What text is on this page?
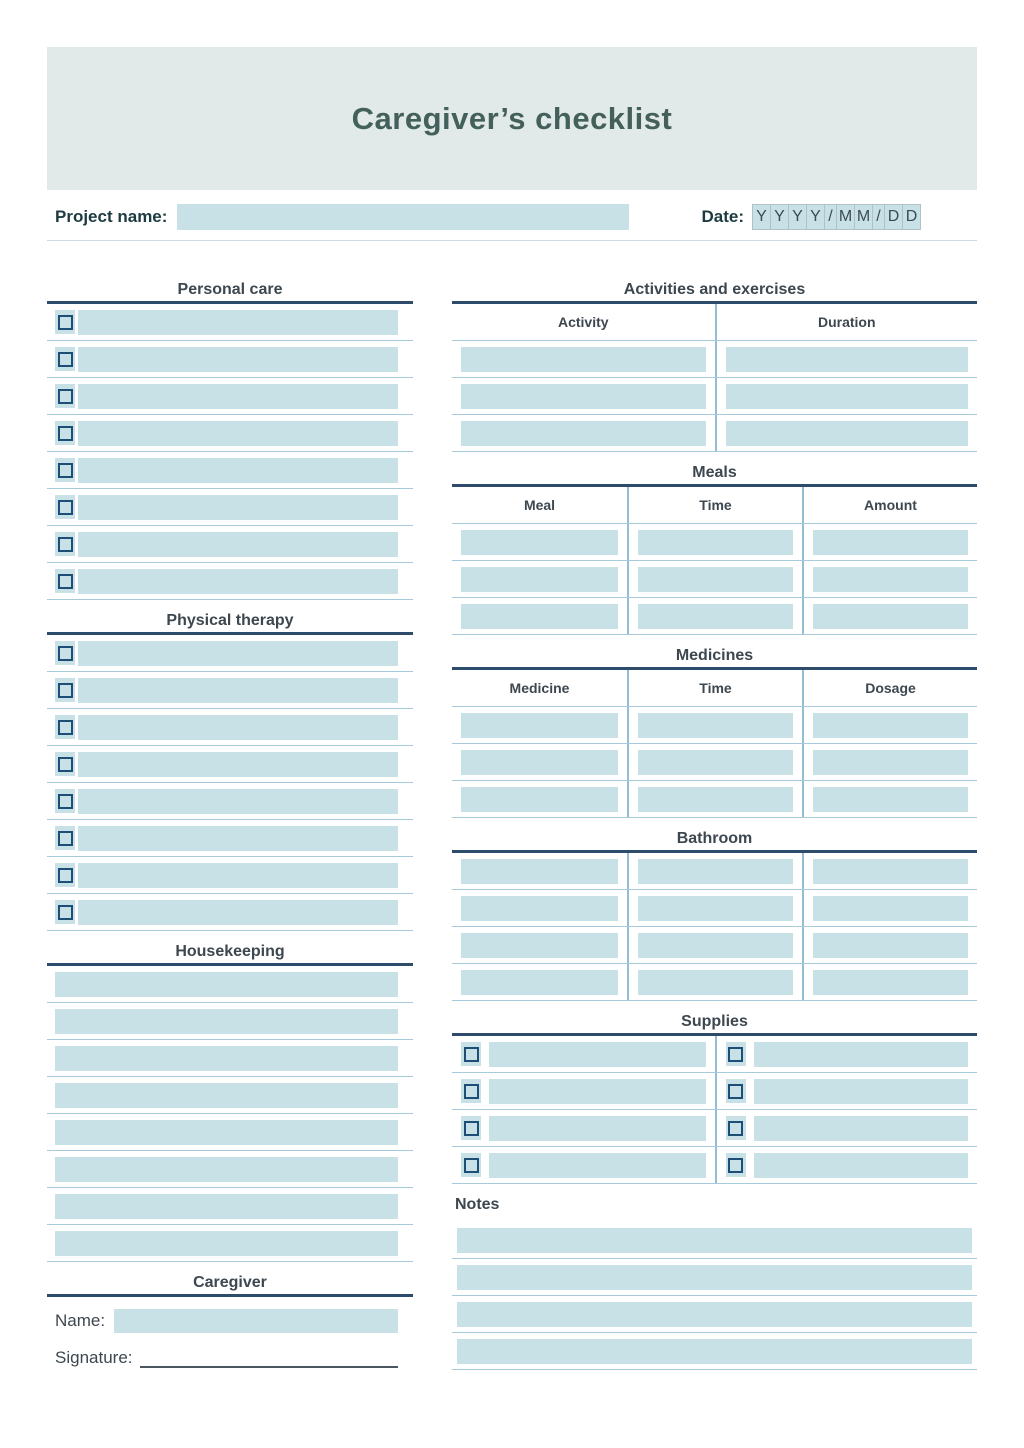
Caregiver’s checklist
Project name:	Date: Y Y Y Y / M M / D D
Personal care
Physical therapy
Housekeeping
Caregiver
Name:
Signature:
Activities and exercises
Activity	Duration
Meals
Meal	Time	Amount
Medicines
Medicine	Time	Dosage
Bathroom
Supplies
Notes
